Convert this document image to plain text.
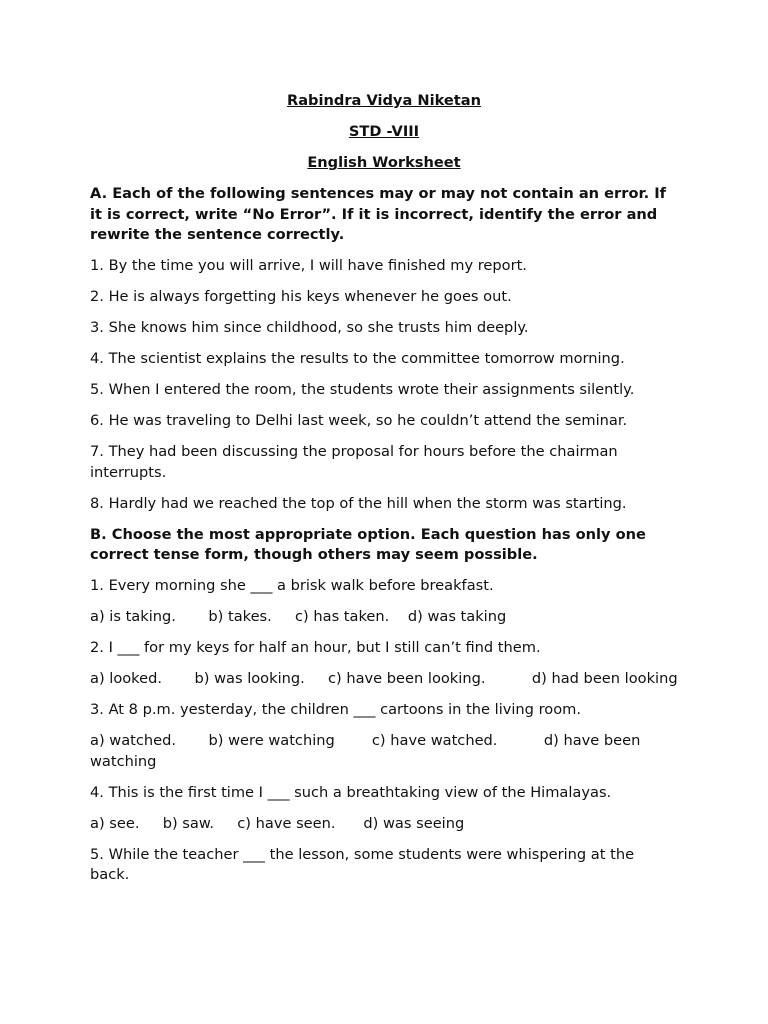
Rabindra Vidya Niketan

STD -VIII

English Worksheet

A. Each of the following sentences may or may not contain an error. If it is correct, write “No Error”. If it is incorrect, identify the error and rewrite the sentence correctly.

1. By the time you will arrive, I will have finished my report.

2. He is always forgetting his keys whenever he goes out.

3. She knows him since childhood, so she trusts him deeply.

4. The scientist explains the results to the committee tomorrow morning.

5. When I entered the room, the students wrote their assignments silently.

6. He was traveling to Delhi last week, so he couldn’t attend the seminar.

7. They had been discussing the proposal for hours before the chairman interrupts.

8. Hardly had we reached the top of the hill when the storm was starting.

B. Choose the most appropriate option. Each question has only one correct tense form, though others may seem possible.

1. Every morning she ___ a brisk walk before breakfast.

a) is taking. b) takes. c) has taken. d) was taking

2. I ___ for my keys for half an hour, but I still can’t find them.

a) looked. b) was looking. c) have been looking.	d) had been looking

3. At 8 p.m. yesterday, the children ___ cartoons in the living room.

a) watched. b) were watching	c) have watched.	d) have been watching

4. This is the first time I ___ such a breathtaking view of the Himalayas.

a) see. b) saw. c) have seen. d) was seeing

5. While the teacher ___ the lesson, some students were whispering at the back.
